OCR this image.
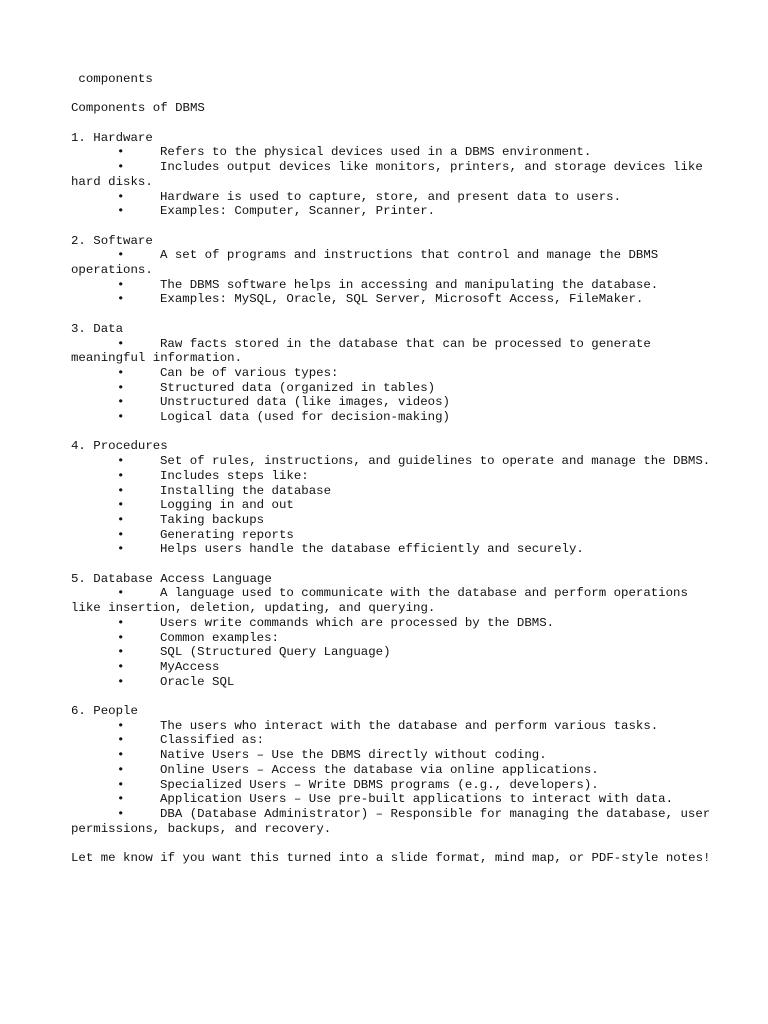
components
Components of DBMS
1. Hardware
•	Refers to the physical devices used in a DBMS environment.
•	Includes output devices like monitors, printers, and storage devices like hard disks.
•	Hardware is used to capture, store, and present data to users.
•	Examples: Computer, Scanner, Printer.
2. Software
•	A set of programs and instructions that control and manage the DBMS operations.
•	The DBMS software helps in accessing and manipulating the database.
•	Examples: MySQL, Oracle, SQL Server, Microsoft Access, FileMaker.
3. Data
•	Raw facts stored in the database that can be processed to generate meaningful information.
•	Can be of various types:
•	Structured data (organized in tables)
•	Unstructured data (like images, videos)
•	Logical data (used for decision-making)
4. Procedures
•	Set of rules, instructions, and guidelines to operate and manage the DBMS.
•	Includes steps like:
•	Installing the database
•	Logging in and out
•	Taking backups
•	Generating reports
•	Helps users handle the database efficiently and securely.
5. Database Access Language
•	A language used to communicate with the database and perform operations like insertion, deletion, updating, and querying.
•	Users write commands which are processed by the DBMS.
•	Common examples:
•	SQL (Structured Query Language)
•	MyAccess
•	Oracle SQL
6. People
•	The users who interact with the database and perform various tasks.
•	Classified as:
•	Native Users – Use the DBMS directly without coding.
•	Online Users – Access the database via online applications.
•	Specialized Users – Write DBMS programs (e.g., developers).
•	Application Users – Use pre-built applications to interact with data.
•	DBA (Database Administrator) – Responsible for managing the database, user permissions, backups, and recovery.
Let me know if you want this turned into a slide format, mind map, or PDF-style notes!
